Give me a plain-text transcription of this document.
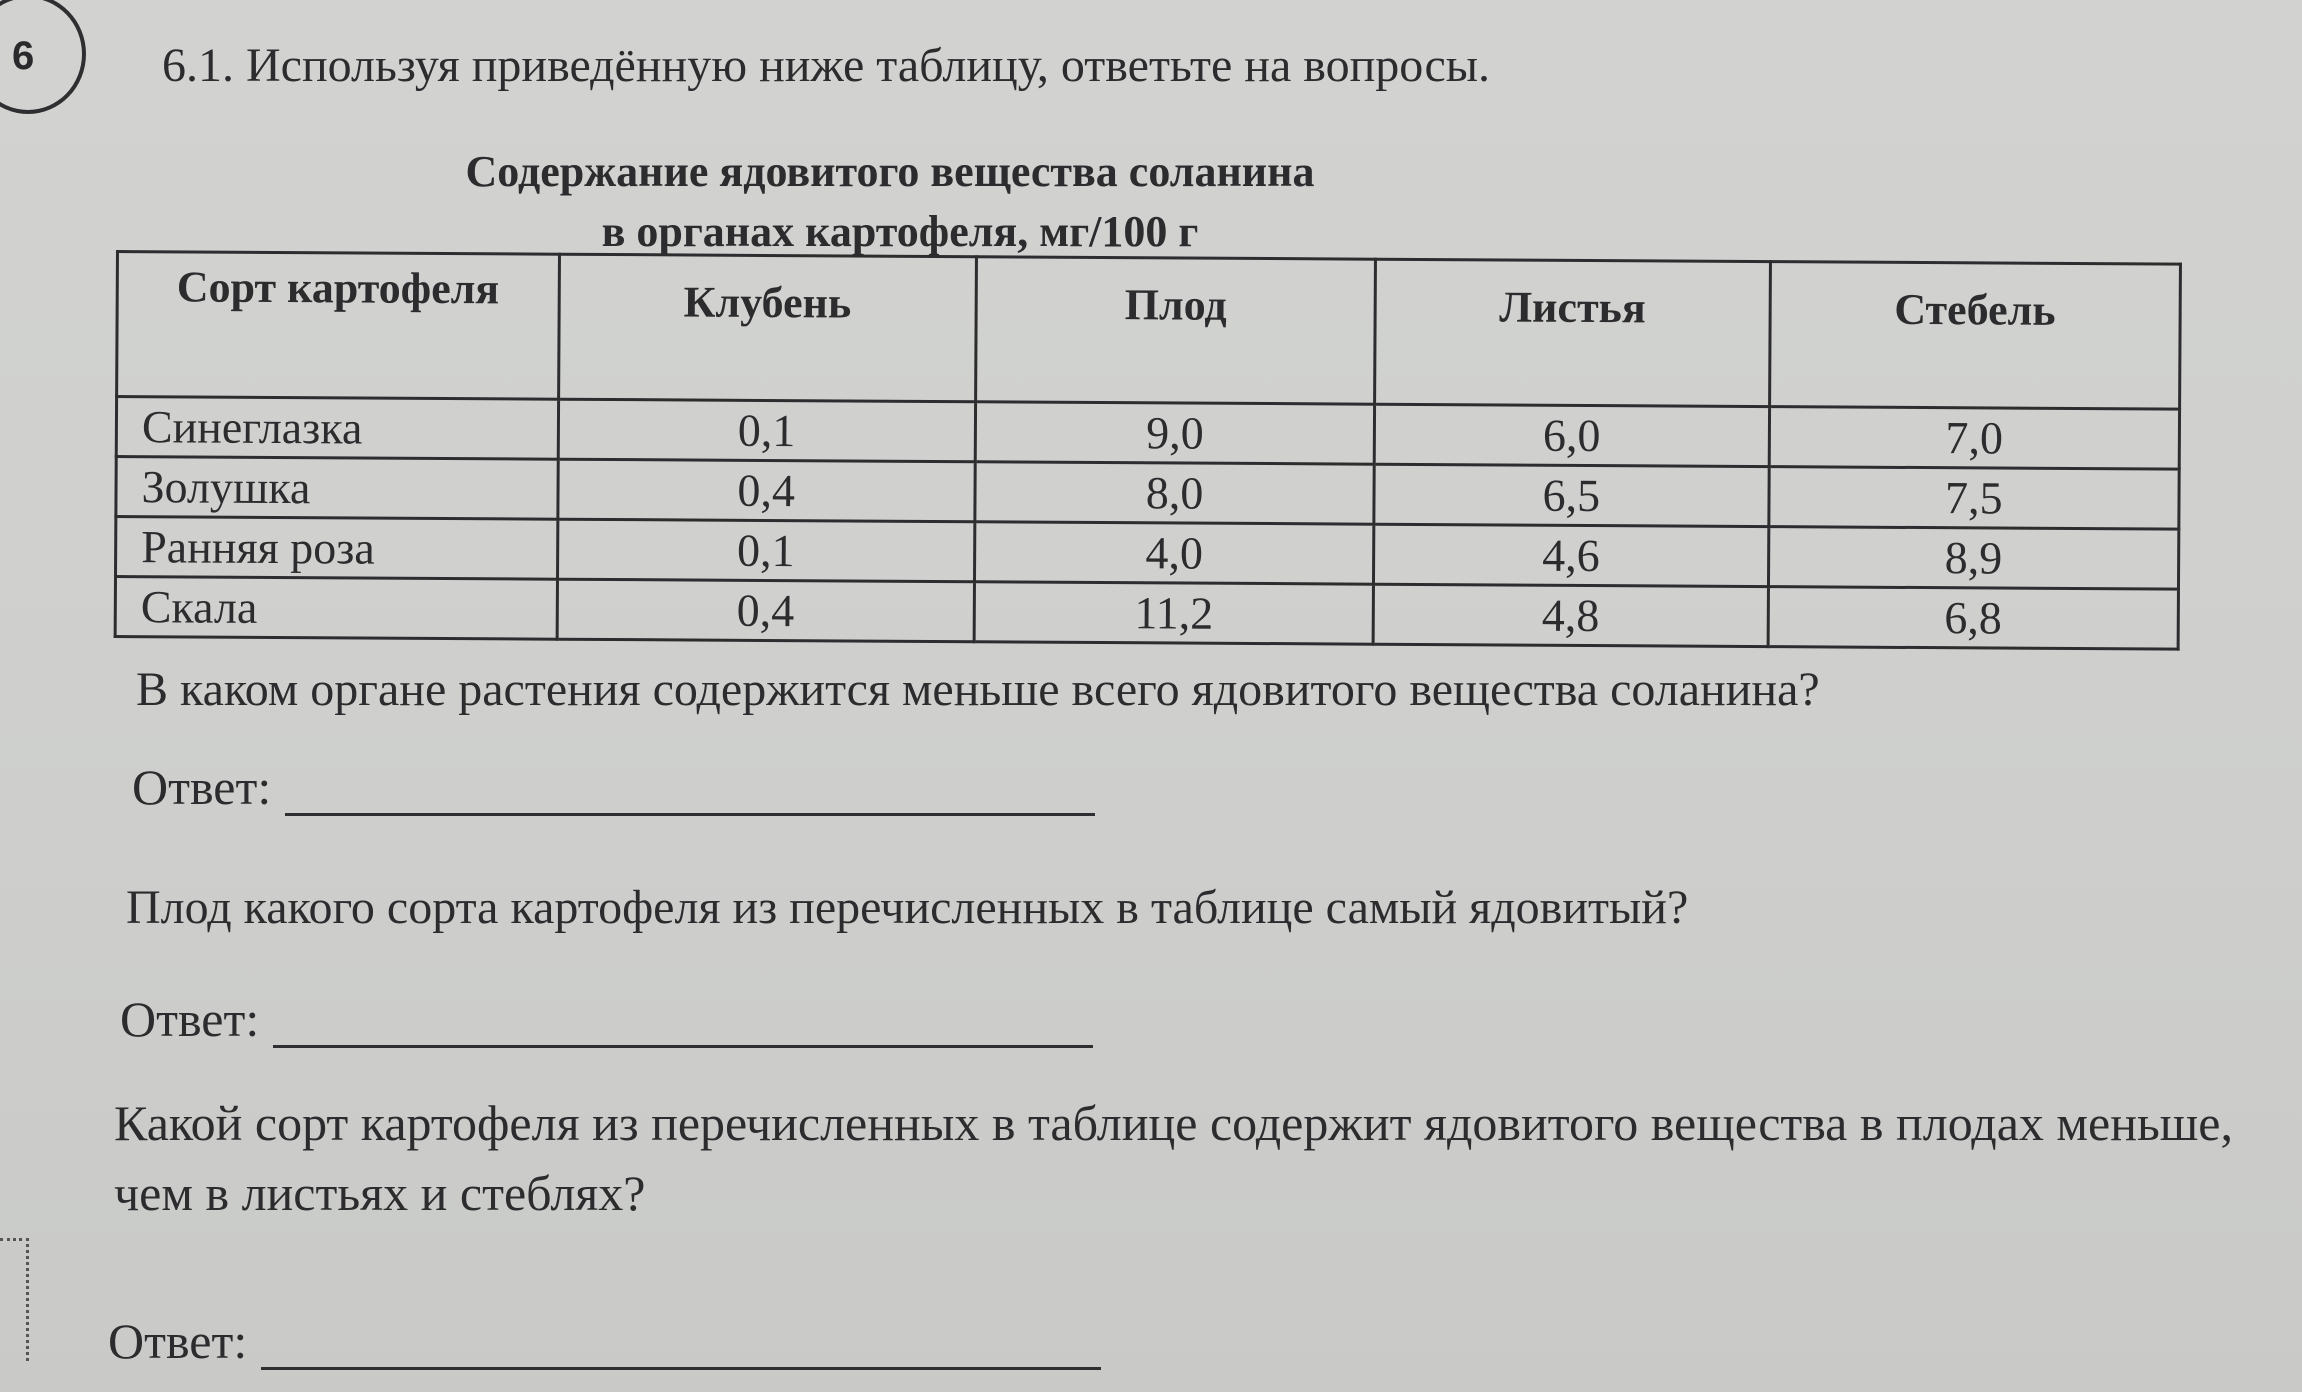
6	6.1. Используя приведённую ниже таблицу, ответьте на вопросы.
Содержание ядовитого вещества соланина
в органах картофеля, мг/100 г
Сорт картофеля	Клубень	Плод	Листья	Стебель
Синеглазка	0,1	9,0	6,0	7,0
Золушка	0,4	8,0	6,5	7,5
Ранняя роза	0,1	4,0	4,6	8,9
Скала	0,4	11,2	4,8	6,8
В каком органе растения содержится меньше всего ядовитого вещества соланина?
Ответ:
Плод какого сорта картофеля из перечисленных в таблице самый ядовитый?
Ответ:
Какой сорт картофеля из перечисленных в таблице содержит ядовитого вещества в плодах меньше, чем в листьях и стеблях?
Ответ:
